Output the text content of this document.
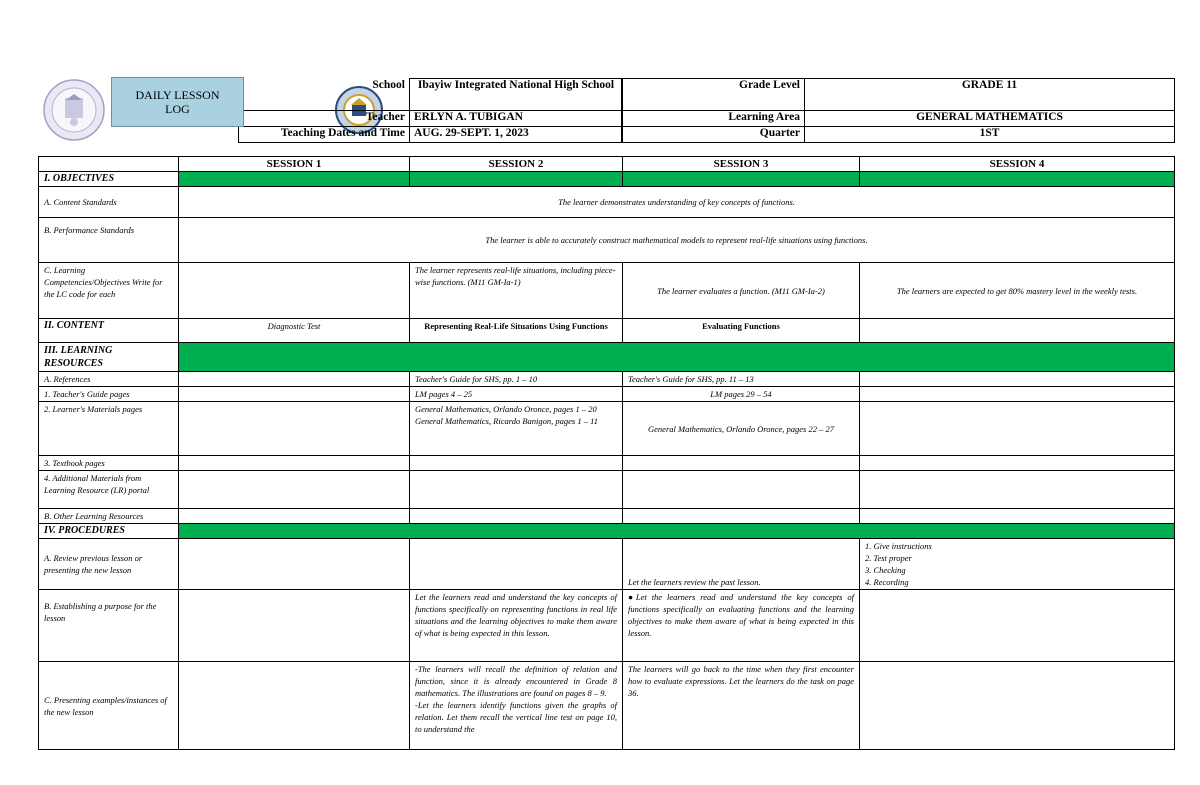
DAILY LESSON LOG
School	Ibayiw Integrated National High School
Teacher	ERLYN A. TUBIGAN
Teaching Dates and Time	AUG. 29-SEPT. 1, 2023
Grade Level	GRADE 11
Learning Area	GENERAL MATHEMATICS
Quarter	1ST
	SESSION 1	SESSION 2	SESSION 3	SESSION 4
I. OBJECTIVES				
A. Content Standards	The learner demonstrates understanding of key concepts of functions.			
B. Performance Standards	The learner is able to accurately construct mathematical models to represent real-life situations using functions.			
C. Learning Competencies/Objectives Write for the LC code for each		The learner represents real-life situations, including piece-wise functions. (M11 GM-Ia-1)	The learner evaluates a function. (M11 GM-Ia-2)	The learners are expected to get 80% mastery level in the weekly tests.
II. CONTENT	Diagnostic Test	Representing Real-Life Situations Using Functions	Evaluating Functions	
III. LEARNING RESOURCES				
A. References		Teacher's Guide for SHS, pp. 1 – 10	Teacher's Guide for SHS, pp. 11 – 13	
1. Teacher's Guide pages		LM pages 4 – 25	LM pages 29 – 54	
2. Learner's Materials pages		General Mathematics, Orlando Oronce, pages 1 – 20
General Mathematics, Ricardo Banigon, pages 1 – 11	General Mathematics, Orlando Oronce, pages 22 – 27	
3. Textbook pages				
4. Additional Materials from Learning Resource (LR) portal				
B. Other Learning Resources				
IV. PROCEDURES				
A. Review previous lesson or presenting the new lesson			Let the learners review the past lesson.	1. Give instructions
2. Test proper
3. Checking
4. Recording

B. Establishing a purpose for the lesson		Let the learners read and understand the key concepts of functions specifically on representing functions in real life situations and the learning objectives to make them aware of what is being expected in this lesson.	●Let the learners read and understand the key concepts of functions specifically on evaluating functions and the learning objectives to make them aware of what is being expected in this lesson.	
C. Presenting examples/instances of the new lesson		-The learners will recall the definition of relation and function, since it is already encountered in Grade 8 mathematics. The illustrations are found on pages 8 – 9.
-Let the learners identify functions given the graphs of relation. Let them recall the vertical line test on page 10, to understand the	The learners will go back to the time when they first encounter how to evaluate expressions. Let the learners do the task on page 36.	
